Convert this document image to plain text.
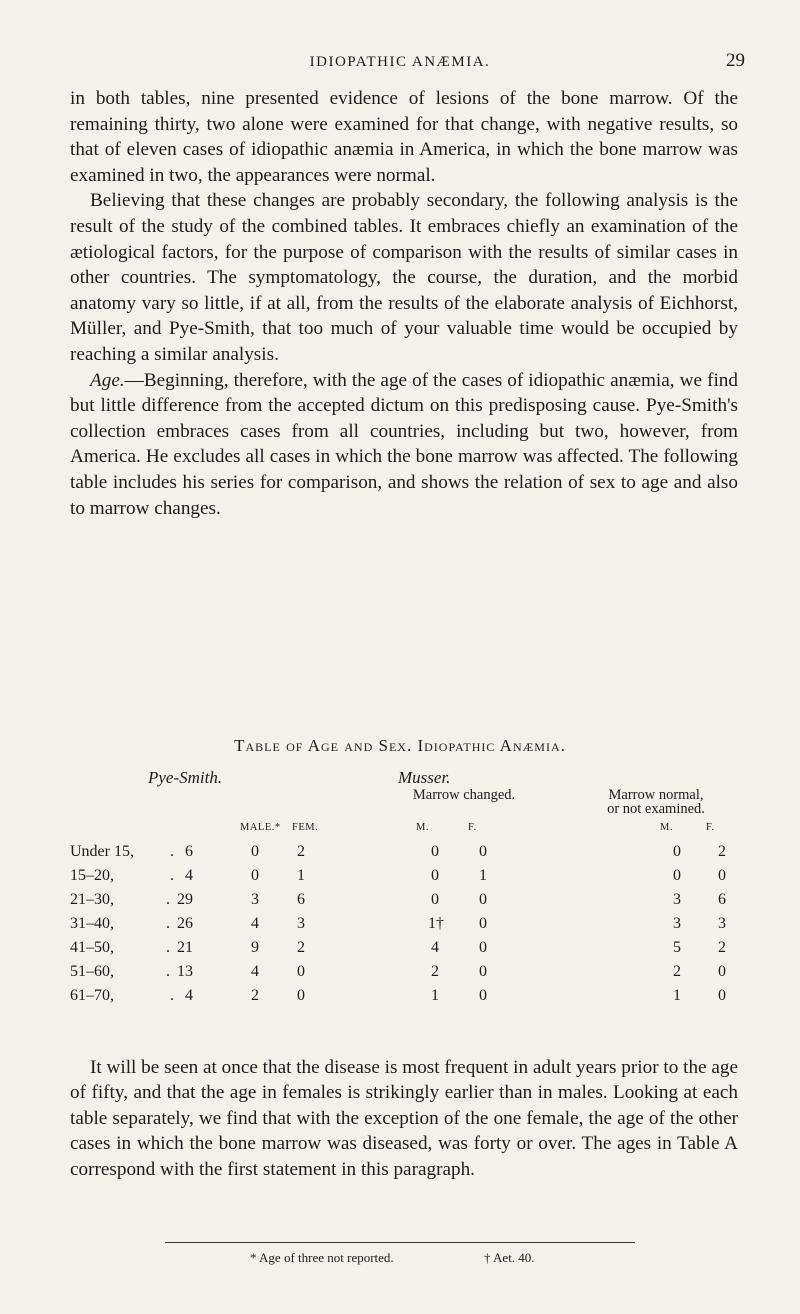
IDIOPATHIC ANÆMIA.	29

in both tables, nine presented evidence of lesions of the bone marrow. Of the remaining thirty, two alone were examined for that change, with negative results, so that of eleven cases of idiopathic anæmia in America, in which the bone marrow was examined in two, the appearances were normal.

Believing that these changes are probably secondary, the following analysis is the result of the study of the combined tables. It embraces chiefly an examination of the ætiological factors, for the purpose of comparison with the results of similar cases in other countries. The symptomatology, the course, the duration, and the morbid anatomy vary so little, if at all, from the results of the elaborate analysis of Eichhorst, Müller, and Pye-Smith, that too much of your valuable time would be occupied by reaching a similar analysis.

Age.—Beginning, therefore, with the age of the cases of idiopathic anæmia, we find but little difference from the accepted dictum on this predisposing cause. Pye-Smith's collection embraces cases from all countries, including but two, however, from America. He excludes all cases in which the bone marrow was affected. The following table includes his series for comparison, and shows the relation of sex to age and also to marrow changes.

Table of Age and Sex. Idiopathic Anæmia.
Pye-Smith.	Musser.
Marrow changed.	Marrow normal,
or not examined.
MALE.* FEM.	M.	F.	M.	F.
Under 15, . 6	0	2	0	0	0	2
15–20,	. 4	0	1	0	1	0	0
21–30,	. 29	3	6	0	0	3	6
31–40,	. 26	4	3	1†	0	3	3
41–50,	. 21	9	2	4	0	5	2
51–60,	. 13	4	0	2	0	2	0
61–70,	. 4	2	0	1	0	1	0

It will be seen at once that the disease is most frequent in adult years prior to the age of fifty, and that the age in females is strikingly earlier than in males. Looking at each table separately, we find that with the exception of the one female, the age of the other cases in which the bone marrow was diseased, was forty or over. The ages in Table A correspond with the first statement in this paragraph.

* Age of three not reported.	† Aet. 40.
